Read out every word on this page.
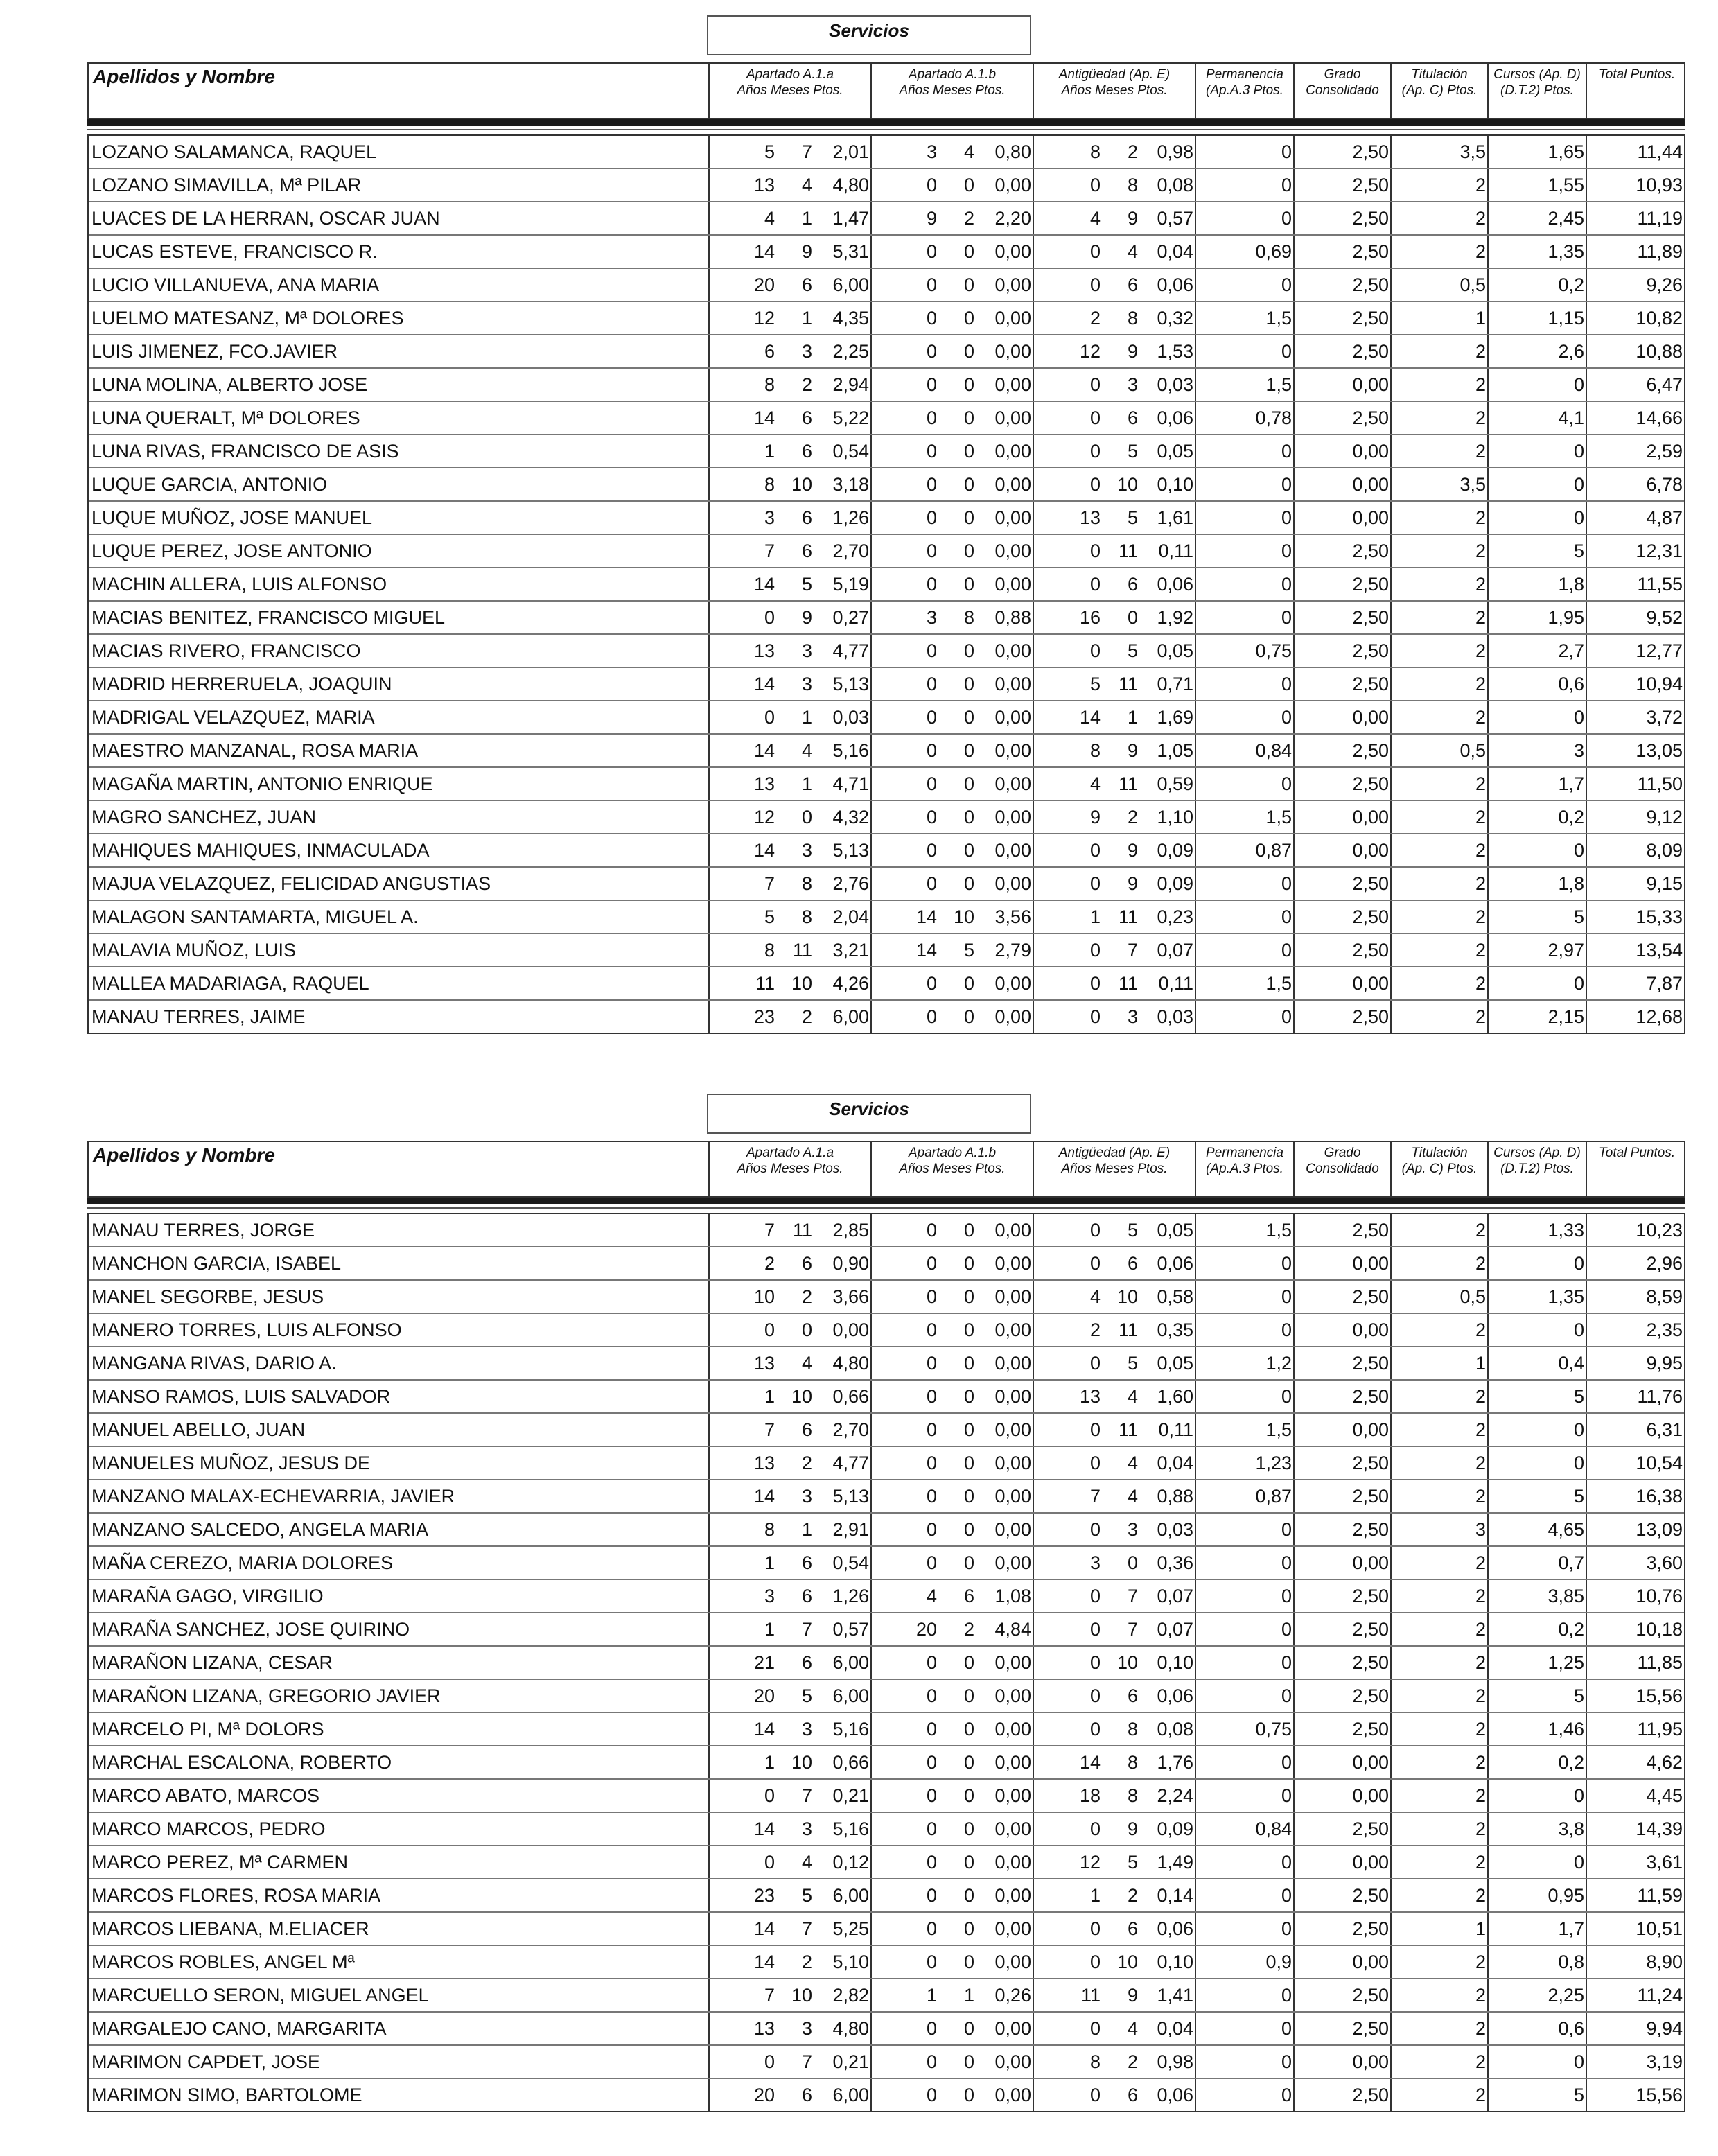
Servicios
Apellidos y Nombre	Apartado A.1.a
Años Meses Ptos.
Apartado A.1.b
Años Meses Ptos.
Antigüedad (Ap. E)
Años Meses Ptos.
Permanencia
(Ap.A.3 Ptos.
Grado
Consolidado
Titulación
(Ap. C) Ptos.
Cursos (Ap. D)
(D.T.2) Ptos.
Total Puntos.
LOZANO SALAMANCA, RAQUEL	5	7	2,01	3	4	0,80	8	2	0,98	0	2,50	3,5	1,65	11,44
LOZANO SIMAVILLA, Mª PILAR	13	4	4,80	0	0	0,00	0	8	0,08	0	2,50	2	1,55	10,93
LUACES DE LA HERRAN, OSCAR JUAN	4	1	1,47	9	2	2,20	4	9	0,57	0	2,50	2	2,45	11,19
LUCAS ESTEVE, FRANCISCO R.	14	9	5,31	0	0	0,00	0	4	0,04	0,69	2,50	2	1,35	11,89
LUCIO VILLANUEVA, ANA MARIA	20	6	6,00	0	0	0,00	0	6	0,06	0	2,50	0,5	0,2	9,26
LUELMO MATESANZ, Mª DOLORES	12	1	4,35	0	0	0,00	2	8	0,32	1,5	2,50	1	1,15	10,82
LUIS JIMENEZ, FCO.JAVIER	6	3	2,25	0	0	0,00	12	9	1,53	0	2,50	2	2,6	10,88
LUNA MOLINA, ALBERTO JOSE	8	2	2,94	0	0	0,00	0	3	0,03	1,5	0,00	2	0	6,47
LUNA QUERALT, Mª DOLORES	14	6	5,22	0	0	0,00	0	6	0,06	0,78	2,50	2	4,1	14,66
LUNA RIVAS, FRANCISCO DE ASIS	1	6	0,54	0	0	0,00	0	5	0,05	0	0,00	2	0	2,59
LUQUE GARCIA, ANTONIO	8 10	3,18	0	0	0,00	0 10	0,10	0	0,00	3,5	0	6,78
LUQUE MUÑOZ, JOSE MANUEL	3	6	1,26	0	0	0,00	13	5	1,61	0	0,00	2	0	4,87
LUQUE PEREZ, JOSE ANTONIO	7	6	2,70	0	0	0,00	0 11	0,11	0	2,50	2	5	12,31
MACHIN ALLERA, LUIS ALFONSO	14	5	5,19	0	0	0,00	0	6	0,06	0	2,50	2	1,8	11,55
MACIAS BENITEZ, FRANCISCO MIGUEL	0	9	0,27	3	8	0,88	16	0	1,92	0	2,50	2	1,95	9,52
MACIAS RIVERO, FRANCISCO	13	3	4,77	0	0	0,00	0	5	0,05	0,75	2,50	2	2,7	12,77
MADRID HERRERUELA, JOAQUIN	14	3	5,13	0	0	0,00	5 11	0,71	0	2,50	2	0,6	10,94
MADRIGAL VELAZQUEZ, MARIA	0	1	0,03	0	0	0,00	14	1	1,69	0	0,00	2	0	3,72
MAESTRO MANZANAL, ROSA MARIA	14	4	5,16	0	0	0,00	8	9	1,05	0,84	2,50	0,5	3	13,05
MAGAÑA MARTIN, ANTONIO ENRIQUE	13	1	4,71	0	0	0,00	4 11	0,59	0	2,50	2	1,7	11,50
MAGRO SANCHEZ, JUAN	12	0	4,32	0	0	0,00	9	2	1,10	1,5	0,00	2	0,2	9,12
MAHIQUES MAHIQUES, INMACULADA	14	3	5,13	0	0	0,00	0	9	0,09	0,87	0,00	2	0	8,09
MAJUA VELAZQUEZ, FELICIDAD ANGUSTIAS	7	8	2,76	0	0	0,00	0	9	0,09	0	2,50	2	1,8	9,15
MALAGON SANTAMARTA, MIGUEL A.	5	8	2,04	14 10	3,56	1 11	0,23	0	2,50	2	5	15,33
MALAVIA MUÑOZ, LUIS	8 11	3,21	14	5	2,79	0	7	0,07	0	2,50	2	2,97	13,54
MALLEA MADARIAGA, RAQUEL	11 10	4,26	0	0	0,00	0 11	0,11	1,5	0,00	2	0	7,87
MANAU TERRES, JAIME	23	2	6,00	0	0	0,00	0	3	0,03	0	2,50	2	2,15	12,68
Servicios
Apellidos y Nombre	Apartado A.1.a
Años Meses Ptos.
Apartado A.1.b
Años Meses Ptos.
Antigüedad (Ap. E)
Años Meses Ptos.
Permanencia
(Ap.A.3 Ptos.
Grado
Consolidado
Titulación
(Ap. C) Ptos.
Cursos (Ap. D)
(D.T.2) Ptos.
Total Puntos.
MANAU TERRES, JORGE	7 11	2,85	0	0	0,00	0	5	0,05	1,5	2,50	2	1,33	10,23
MANCHON GARCIA, ISABEL	2	6	0,90	0	0	0,00	0	6	0,06	0	0,00	2	0	2,96
MANEL SEGORBE, JESUS	10	2	3,66	0	0	0,00	4 10	0,58	0	2,50	0,5	1,35	8,59
MANERO TORRES, LUIS ALFONSO	0	0	0,00	0	0	0,00	2 11	0,35	0	0,00	2	0	2,35
MANGANA RIVAS, DARIO A.	13	4	4,80	0	0	0,00	0	5	0,05	1,2	2,50	1	0,4	9,95
MANSO RAMOS, LUIS SALVADOR	1 10	0,66	0	0	0,00	13	4	1,60	0	2,50	2	5	11,76
MANUEL ABELLO, JUAN	7	6	2,70	0	0	0,00	0 11	0,11	1,5	0,00	2	0	6,31
MANUELES MUÑOZ, JESUS DE	13	2	4,77	0	0	0,00	0	4	0,04	1,23	2,50	2	0	10,54
MANZANO MALAX-ECHEVARRIA, JAVIER	14	3	5,13	0	0	0,00	7	4	0,88	0,87	2,50	2	5	16,38
MANZANO SALCEDO, ANGELA MARIA	8	1	2,91	0	0	0,00	0	3	0,03	0	2,50	3	4,65	13,09
MAÑA CEREZO, MARIA DOLORES	1	6	0,54	0	0	0,00	3	0	0,36	0	0,00	2	0,7	3,60
MARAÑA GAGO, VIRGILIO	3	6	1,26	4	6	1,08	0	7	0,07	0	2,50	2	3,85	10,76
MARAÑA SANCHEZ, JOSE QUIRINO	1	7	0,57	20	2	4,84	0	7	0,07	0	2,50	2	0,2	10,18
MARAÑON LIZANA, CESAR	21	6	6,00	0	0	0,00	0 10	0,10	0	2,50	2	1,25	11,85
MARAÑON LIZANA, GREGORIO JAVIER	20	5	6,00	0	0	0,00	0	6	0,06	0	2,50	2	5	15,56
MARCELO PI, Mª DOLORS	14	3	5,16	0	0	0,00	0	8	0,08	0,75	2,50	2	1,46	11,95
MARCHAL ESCALONA, ROBERTO	1 10	0,66	0	0	0,00	14	8	1,76	0	0,00	2	0,2	4,62
MARCO ABATO, MARCOS	0	7	0,21	0	0	0,00	18	8	2,24	0	0,00	2	0	4,45
MARCO MARCOS, PEDRO	14	3	5,16	0	0	0,00	0	9	0,09	0,84	2,50	2	3,8	14,39
MARCO PEREZ, Mª CARMEN	0	4	0,12	0	0	0,00	12	5	1,49	0	0,00	2	0	3,61
MARCOS FLORES, ROSA MARIA	23	5	6,00	0	0	0,00	1	2	0,14	0	2,50	2	0,95	11,59
MARCOS LIEBANA, M.ELIACER	14	7	5,25	0	0	0,00	0	6	0,06	0	2,50	1	1,7	10,51
MARCOS ROBLES, ANGEL Mª	14	2	5,10	0	0	0,00	0 10	0,10	0,9	0,00	2	0,8	8,90
MARCUELLO SERON, MIGUEL ANGEL	7 10	2,82	1	1	0,26	11	9	1,41	0	2,50	2	2,25	11,24
MARGALEJO CANO, MARGARITA	13	3	4,80	0	0	0,00	0	4	0,04	0	2,50	2	0,6	9,94
MARIMON CAPDET, JOSE	0	7	0,21	0	0	0,00	8	2	0,98	0	0,00	2	0	3,19
MARIMON SIMO, BARTOLOME	20	6	6,00	0	0	0,00	0	6	0,06	0	2,50	2	5	15,56
